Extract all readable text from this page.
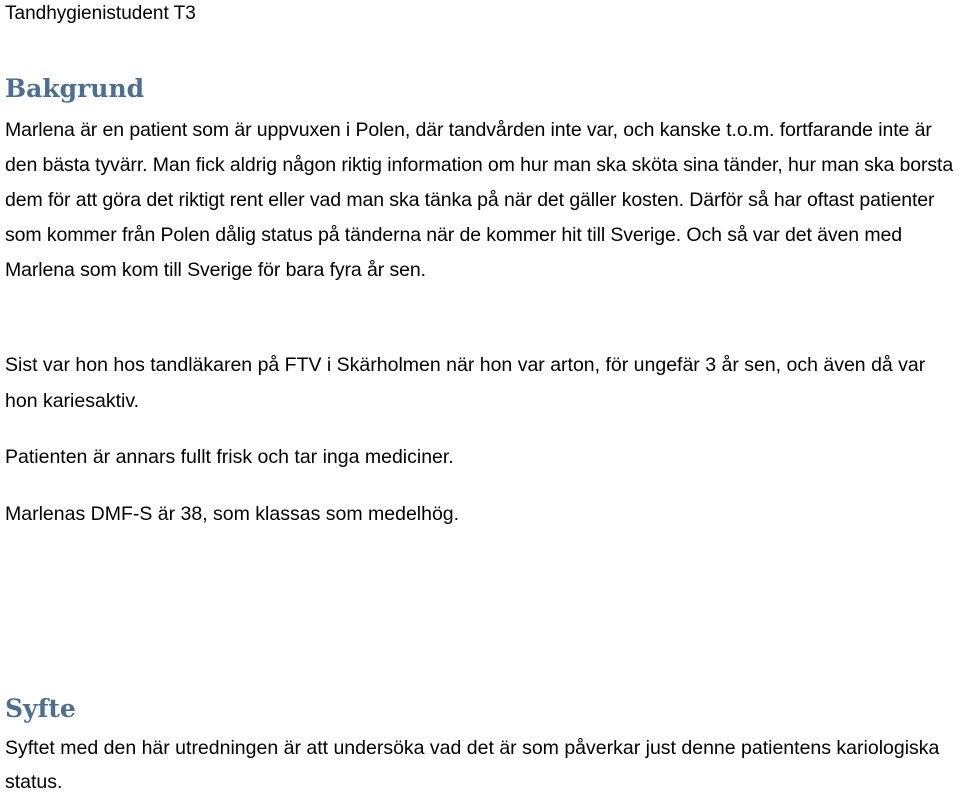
Tandhygienistudent T3
Bakgrund

Marlena är en patient som är uppvuxen i Polen, där tandvården inte var, och kanske t.o.m. fortfarande inte är den bästa tyvärr. Man fick aldrig någon riktig information om hur man ska sköta sina tänder, hur man ska borsta dem för att göra det riktigt rent eller vad man ska tänka på när det gäller kosten. Därför så har oftast patienter som kommer från Polen dålig status på tänderna när de kommer hit till Sverige. Och så var det även med Marlena som kom till Sverige för bara fyra år sen.

Sist var hon hos tandläkaren på FTV i Skärholmen när hon var arton, för ungefär 3 år sen, och även då var hon kariesaktiv.

Patienten är annars fullt frisk och tar inga mediciner.

Marlenas DMF-S är 38, som klassas som medelhög.

Syfte

Syftet med den här utredningen är att undersöka vad det är som påverkar just denne patientens kariologiska status.
